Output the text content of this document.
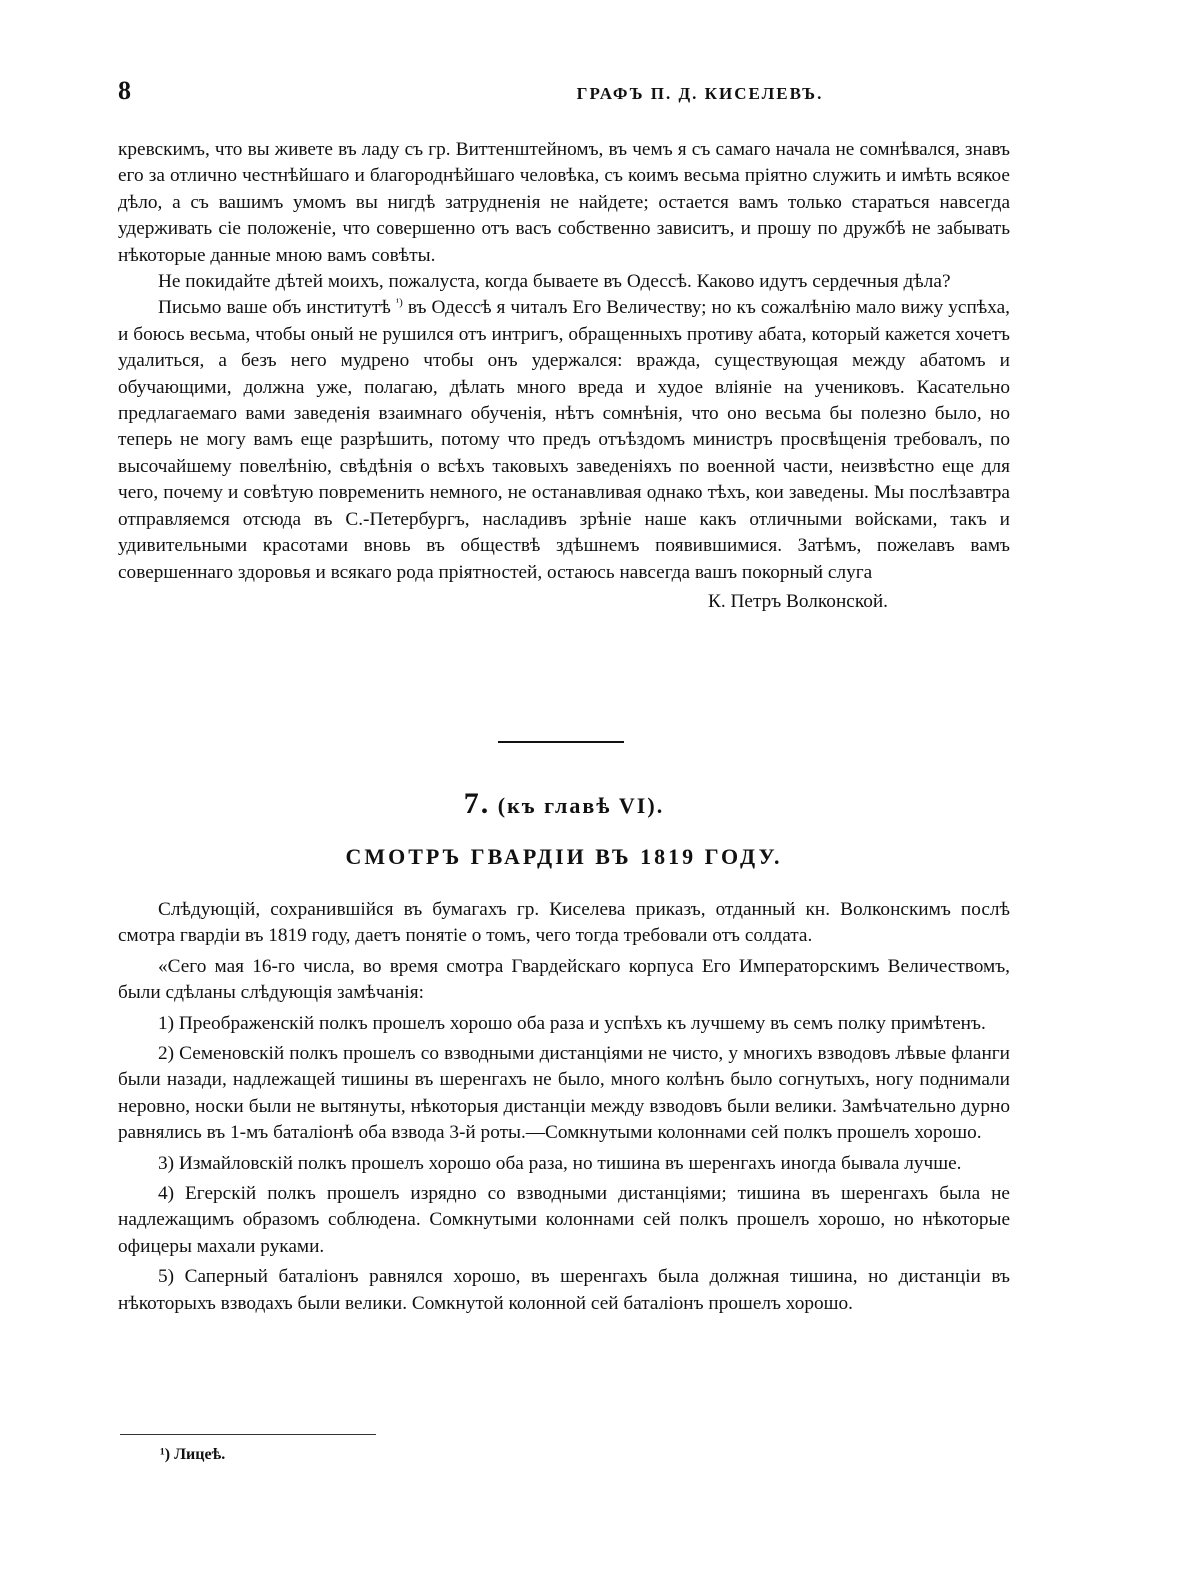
8	ГРАФЪ П. Д. КИСЕЛЕВЪ.

кревскимъ, что вы живете въ ладу съ гр. Виттенштейномъ, въ чемъ я съ самаго начала не сомнѣвался, знавъ его за отлично честнѣйшаго и благороднѣйшаго человѣка, съ коимъ весьма пріятно служить и имѣть всякое дѣло, а съ вашимъ умомъ вы нигдѣ затрудненія не найдете; остается вамъ только стараться навсегда удерживать сіе положеніе, что совершенно отъ васъ собственно зависитъ, и прошу по дружбѣ не забывать нѣкоторые данные мною вамъ совѣты.

Не покидайте дѣтей моихъ, пожалуста, когда бываете въ Одессѣ. Каково идутъ сердечныя дѣла?

Письмо ваше объ институтѣ $^{^1)}$ въ Одессѣ я читалъ Его Величеству; но къ сожалѣнію мало вижу успѣха, и боюсь весьма, чтобы оный не рушился отъ интригъ, обращенныхъ противу абата, который кажется хочетъ удалиться, а безъ него мудрено чтобы онъ удержался: вражда, существующая между абатомъ и обучающими, должна уже, полагаю, дѣлать много вреда и худое вліяніе на учениковъ. Касательно предлагаемаго вами заведенія взаимнаго обученія, нѣтъ сомнѣнія, что оно весьма бы полезно было, но теперь не могу вамъ еще разрѣшить, потому что предъ отъѣздомъ министръ просвѣщенія требовалъ, по высочайшему повелѣнію, свѣдѣнія о всѣхъ таковыхъ заведеніяхъ по военной части, неизвѣстно еще для чего, почему и совѣтую повременить немного, не останавливая однако тѣхъ, кои заведены. Мы послѣзавтра отправляемся отсюда въ С.-Петербургъ, насладивъ зрѣніе наше какъ отличными войсками, такъ и удивительными красотами вновь въ обществѣ здѣшнемъ появившимися. Затѣмъ, пожелавъ вамъ совершеннаго здоровья и всякаго рода пріятностей, остаюсь навсегда вашъ покорный слуга

К. Петръ Волконской.
7. (къ главѣ VI).
СМОТРЪ ГВАРДІИ ВЪ 1819 ГОДУ.

Слѣдующій, сохранившійся въ бумагахъ гр. Киселева приказъ, отданный кн. Волконскимъ послѣ смотра гвардіи въ 1819 году, даетъ понятіе о томъ, чего тогда требовали отъ солдата.

«Сего мая 16-го числа, во время смотра Гвардейскаго корпуса Его Императорскимъ Величествомъ, были сдѣланы слѣдующія замѣчанія:

1) Преображенскій полкъ прошелъ хорошо оба раза и успѣхъ къ лучшему въ семъ полку примѣтенъ.

2) Семеновскій полкъ прошелъ со взводными дистанціями не чисто, у многихъ взводовъ лѣвые фланги были назади, надлежащей тишины въ шеренгахъ не было, много колѣнъ было согнутыхъ, ногу поднимали неровно, носки были не вытянуты, нѣкоторыя дистанціи между взводовъ были велики. Замѣчательно дурно равнялись въ 1-мъ баталіонѣ оба взвода 3-й роты.—Сомкнутыми колоннами сей полкъ прошелъ хорошо.

3) Измайловскій полкъ прошелъ хорошо оба раза, но тишина въ шеренгахъ иногда бывала лучше.

4) Егерскій полкъ прошелъ изрядно со взводными дистанціями; тишина въ шеренгахъ была не надлежащимъ образомъ соблюдена. Сомкнутыми колоннами сей полкъ прошелъ хорошо, но нѣкоторые офицеры махали руками.

5) Саперный баталіонъ равнялся хорошо, въ шеренгахъ была должная тишина, но дистанціи въ нѣкоторыхъ взводахъ были велики. Сомкнутой колонной сей баталіонъ прошелъ хорошо.

¹) Лицеѣ.
